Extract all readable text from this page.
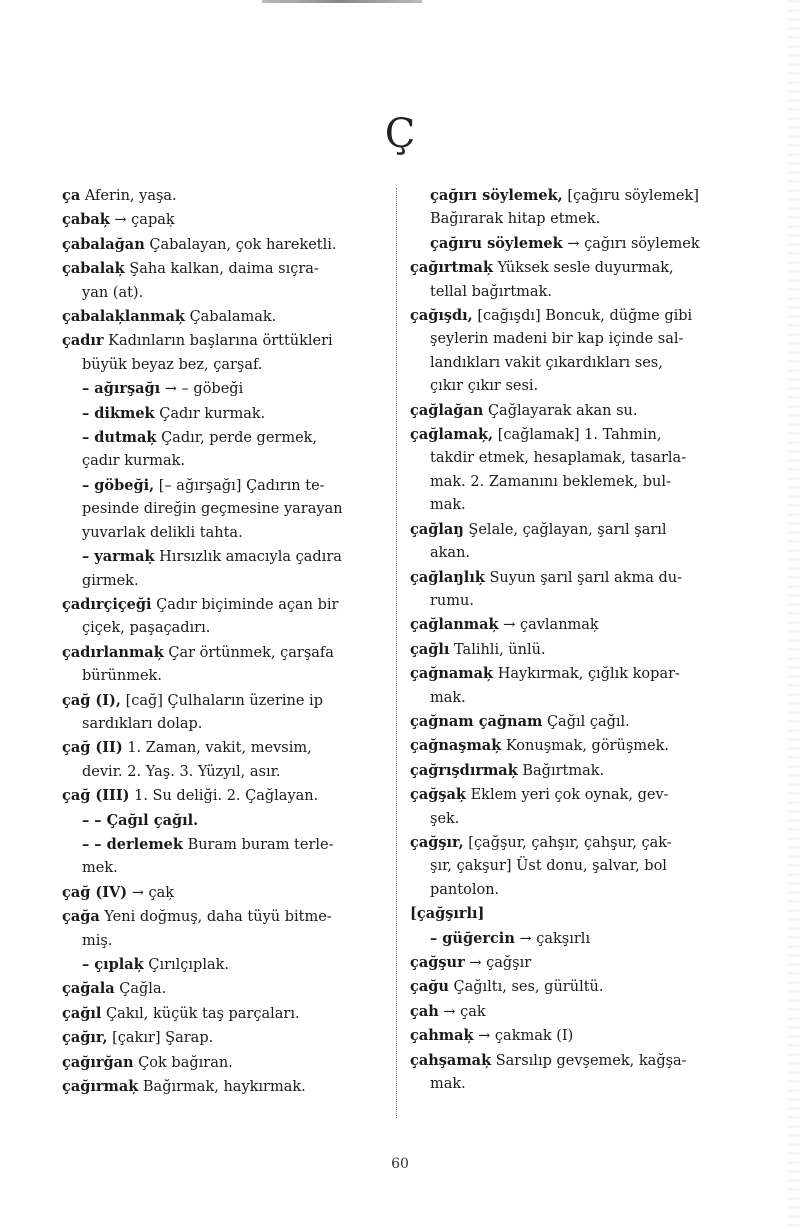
Ç
ça Aferin, yaşa.
çabaķ → çapaķ
çabalağan Çabalayan, çok hareketli.
çabalaķ Şaha kalkan, daima sıçra-
yan (at).
çabalaķlanmaķ Çabalamak.
çadır Kadınların başlarına örttükleri
büyük beyaz bez, çarşaf.
– ağırşağı → – göbeği
– dikmek Çadır kurmak.
– dutmaķ Çadır, perde germek,
çadır kurmak.
– göbeği, [– ağırşağı] Çadırın te-
pesinde direğin geçmesine yarayan
yuvarlak delikli tahta.
– yarmaķ Hırsızlık amacıyla çadıra
girmek.
çadırçiçeği Çadır biçiminde açan bir
çiçek, paşaçadırı.
çadırlanmaķ Çar örtünmek, çarşafa
bürünmek.
çağ (I), [cağ] Çulhaların üzerine ip
sardıkları dolap.
çağ (II) 1. Zaman, vakit, mevsim,
devir. 2. Yaş. 3. Yüzyıl, asır.
çağ (III) 1. Su deliği. 2. Çağlayan.
– – Çağıl çağıl.
– – derlemek Buram buram terle-
mek.
çağ (IV) → çaķ
çağa Yeni doğmuş, daha tüyü bitme-
miş.
– çıplaķ Çırılçıplak.
çağala Çağla.
çağıl Çakıl, küçük taş parçaları.
çağır, [çakır] Şarap.
çağırğan Çok bağıran.
çağırmaķ Bağırmak, haykırmak.
çağırı söylemek, [çağıru söylemek]
Bağırarak hitap etmek.
çağıru söylemek → çağırı söylemek
çağırtmaķ Yüksek sesle duyurmak,
tellal bağırtmak.
çağışdı, [cağışdı] Boncuk, düğme gibi
şeylerin madeni bir kap içinde sal-
landıkları vakit çıkardıkları ses,
çıkır çıkır sesi.
çağlağan Çağlayarak akan su.
çağlamaķ, [cağlamak] 1. Tahmin,
takdir etmek, hesaplamak, tasarla-
mak. 2. Zamanını beklemek, bul-
mak.
çağlaŋ Şelale, çağlayan, şarıl şarıl
akan.
çağlaŋlıķ Suyun şarıl şarıl akma du-
rumu.
çağlanmaķ → çavlanmaķ
çağlı Talihli, ünlü.
çağnamaķ Haykırmak, çığlık kopar-
mak.
çağnam çağnam Çağıl çağıl.
çağnaşmaķ Konuşmak, görüşmek.
çağrışdırmaķ Bağırtmak.
çağşaķ Eklem yeri çok oynak, gev-
şek.
çağşır, [çağşur, çahşır, çahşur, çak-
şır, çakşur] Üst donu, şalvar, bol
pantolon.
[çağşırlı]
– güğercin → çakşırlı
çağşur → çağşır
çağu Çağıltı, ses, gürültü.
çah → çak
çahmaķ → çakmak (I)
çahşamaķ Sarsılıp gevşemek, kağşa-
mak.
60
